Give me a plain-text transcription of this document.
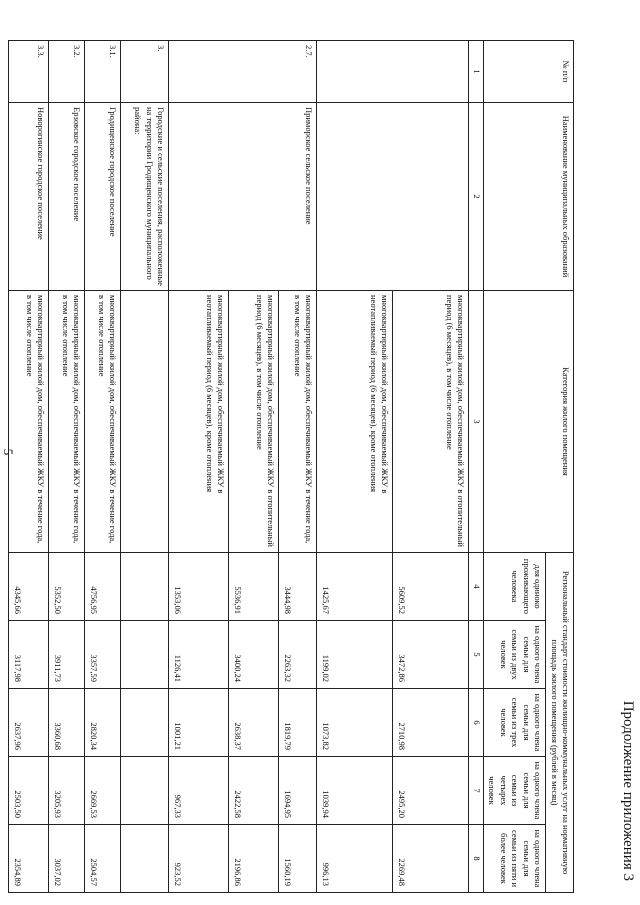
5
Продолжение приложения 3
№ п/п	Наименование муниципальных образований	Категория жилого помещения	Региональный стандарт стоимости жилищно-коммунальных услуг на нормативную площадь жилого помещения (рублей в месяц)				
			для одиноко проживающего человека	на одного члена семьи для семьи из двух человек	на одного члена семьи для семьи из трех человек	на одного члена семьи для семьи из четырех человек	на одного члена семьи для семьи из пяти и более человек
1	2	3	4	5	6	7	8
		многоквартирный жилой дом, обеспечиваемый ЖКУ в отопительный период (6 месяцев), в том числе отопление	5609,52	3472,86	2710,98	2495,20	2269,48
		многоквартирный жилой дом, обеспечиваемый ЖКУ в неотапливаемый период (6 месяцев), кроме отопления	1425,67	1199,02	1073,82	1039,94	996,13
2.7.	Приморское сельское поселение	многоквартирный жилой дом, обеспечиваемый ЖКУ в течение года, в том числе отопление	3444,98	2263,32	1819,79	1694,95	1560,19
		многоквартирный жилой дом, обеспечиваемый ЖКУ в отопительный период (6 месяцев), в том числе отопление	5536,91	3400,24	2638,37	2422,58	2196,86
		многоквартирный жилой дом, обеспечиваемый ЖКУ в неотапливаемый период (6 месяцев), кроме отопления	1353,06	1126,41	1001,21	967,33	923,52
3.	Городские и сельские поселения, расположенные на территории Гродищенского муниципального района:						
3.1.	Гродищенское городское поселение	многоквартирный жилой дом, обеспечиваемый ЖКУ в течение года, в том числе отопление	4756,95	3357,59	2820,34	2669,53	2504,57
3.2.	Ерзовское городское поселение	многоквартирный жилой дом, обеспечиваемый ЖКУ в течение года, в том числе отопление	5352,50	3911,73	3360,68	3205,93	3037,02
3.3.	Новорогинское городское поселение	многоквартирный жилой дом, обеспечиваемый ЖКУ в течение года, в том числе отопление	4345,66	3117,98	2637,96	2503,50	2354,89
